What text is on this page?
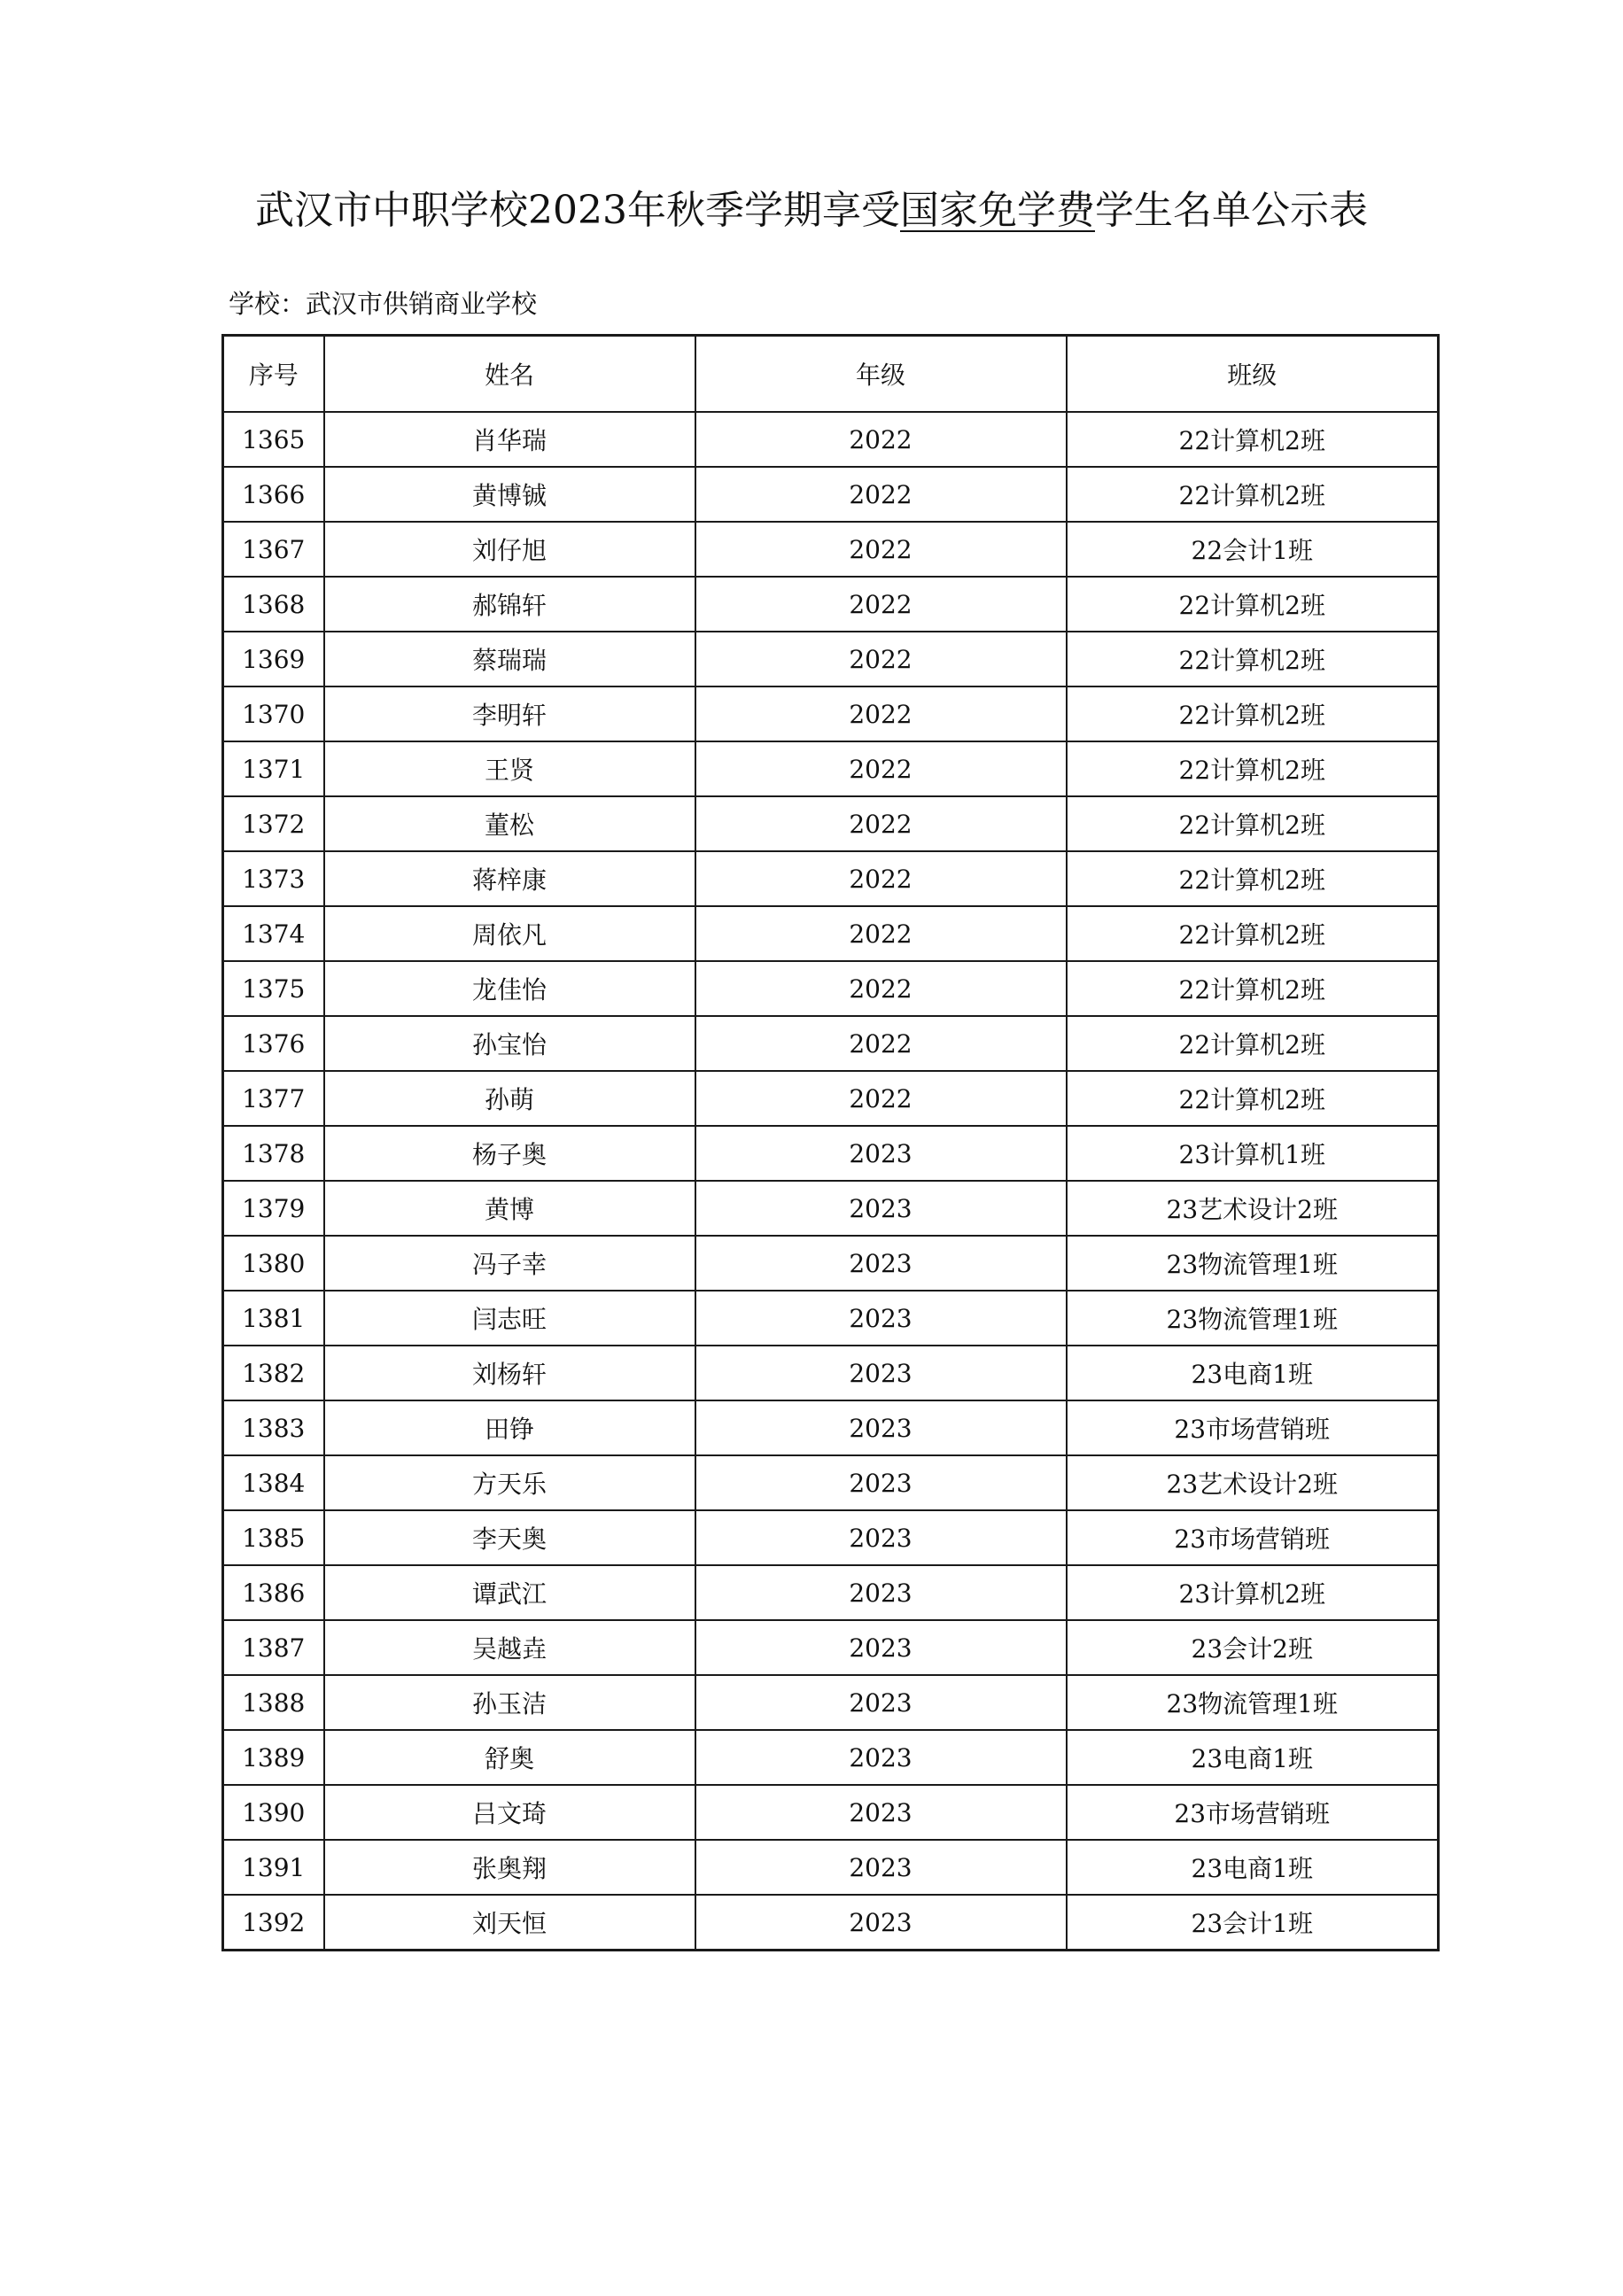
武汉市中职学校2023年秋季学期享受国家免学费学生名单公示表
学校：武汉市供销商业学校
序号	姓名	年级	班级
1365	肖华瑞	2022	22计算机2班
1366	黄博铖	2022	22计算机2班
1367	刘仔旭	2022	22会计1班
1368	郝锦轩	2022	22计算机2班
1369	蔡瑞瑞	2022	22计算机2班
1370	李明轩	2022	22计算机2班
1371	王贤	2022	22计算机2班
1372	董松	2022	22计算机2班
1373	蒋梓康	2022	22计算机2班
1374	周依凡	2022	22计算机2班
1375	龙佳怡	2022	22计算机2班
1376	孙宝怡	2022	22计算机2班
1377	孙萌	2022	22计算机2班
1378	杨子奥	2023	23计算机1班
1379	黄博	2023	23艺术设计2班
1380	冯子幸	2023	23物流管理1班
1381	闫志旺	2023	23物流管理1班
1382	刘杨轩	2023	23电商1班
1383	田铮	2023	23市场营销班
1384	方天乐	2023	23艺术设计2班
1385	李天奥	2023	23市场营销班
1386	谭武江	2023	23计算机2班
1387	吴越垚	2023	23会计2班
1388	孙玉洁	2023	23物流管理1班
1389	舒奥	2023	23电商1班
1390	吕文琦	2023	23市场营销班
1391	张奥翔	2023	23电商1班
1392	刘天恒	2023	23会计1班
